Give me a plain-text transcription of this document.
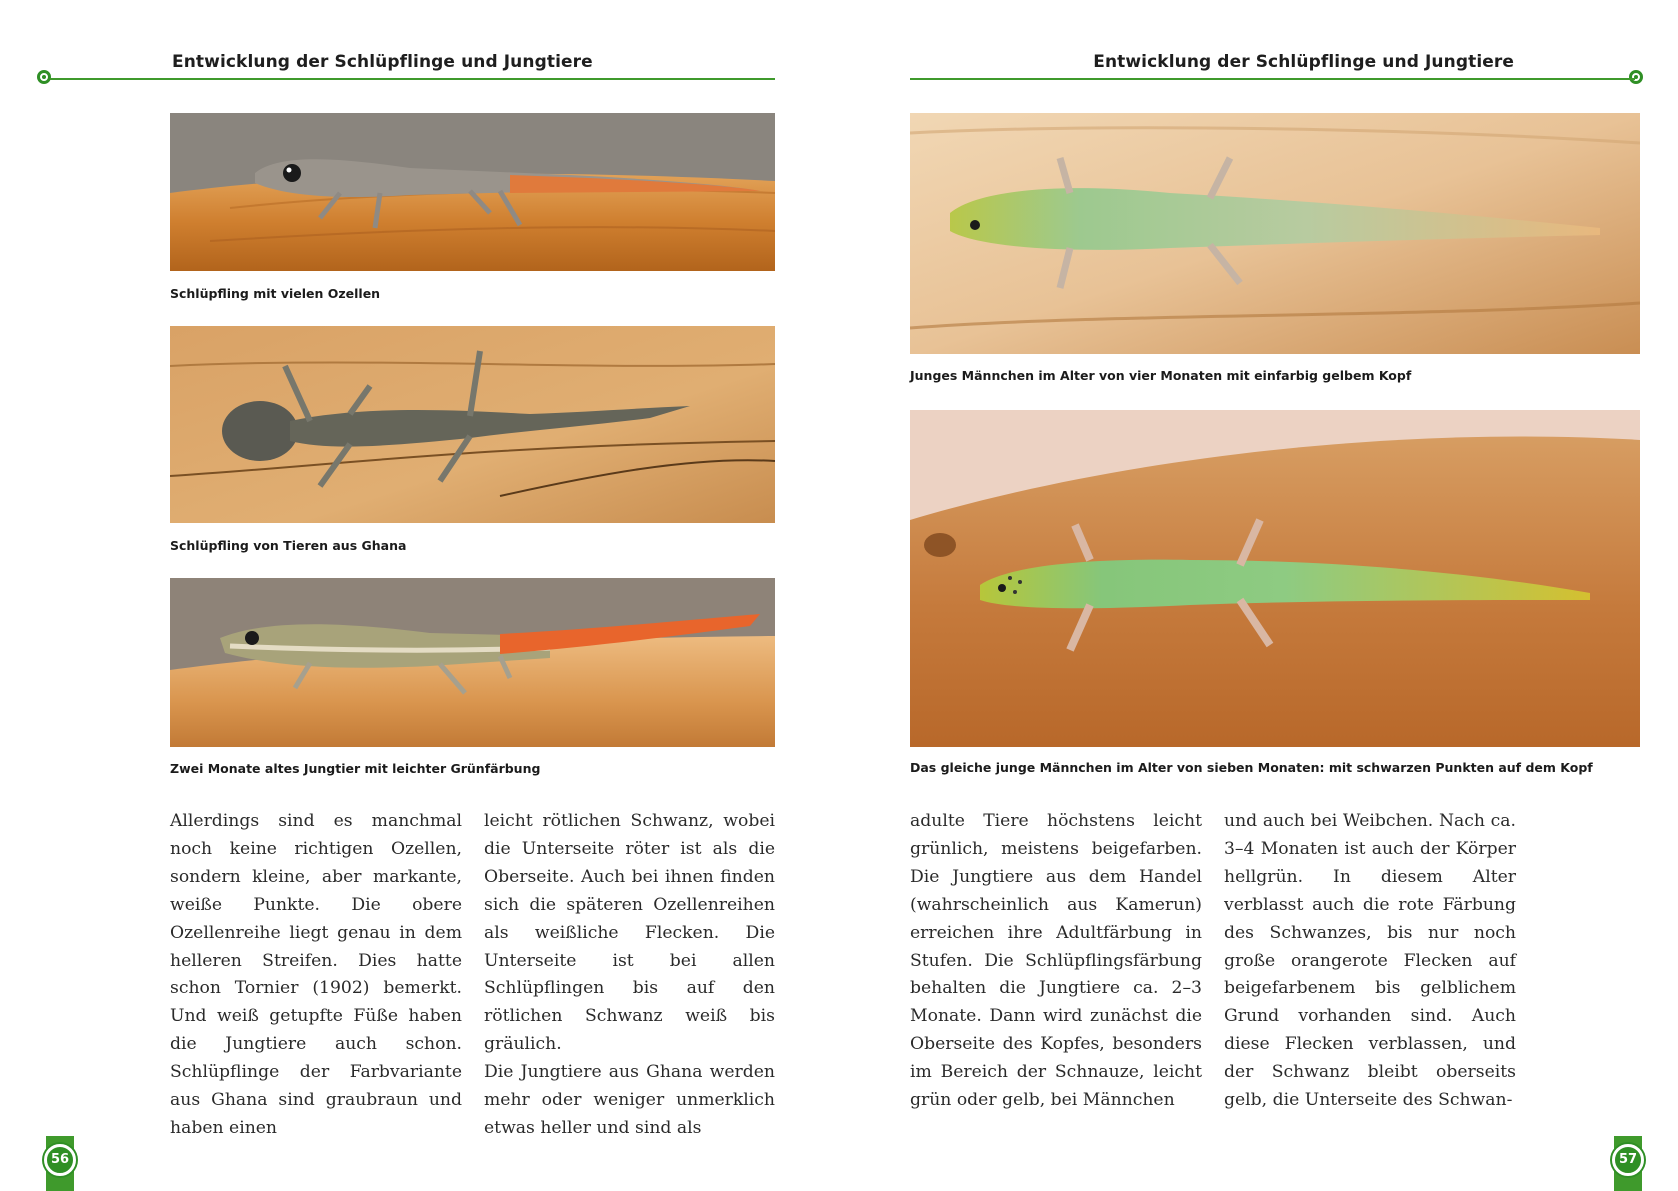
Entwicklung der Schlüpflinge und Jungtiere
Schlüpfling mit vielen Ozellen
Schlüpfling von Tieren aus Ghana
Zwei Monate altes Jungtier mit leichter Grünfärbung

Allerdings sind es manchmal noch keine richtigen Ozellen, sondern kleine, aber markante, weiße Punkte. Die obere Ozellenreihe liegt genau in dem helleren Streifen. Dies hatte schon Tornier (1902) bemerkt. Und weiß getupfte Füße haben die Jungtiere auch schon. Schlüpflinge der Farbvariante aus Ghana sind graubraun und haben einen

leicht rötlichen Schwanz, wobei die Unterseite röter ist als die Oberseite. Auch bei ihnen finden sich die späteren Ozellenreihen als weißliche Flecken. Die Unterseite ist bei allen Schlüpflingen bis auf den rötlichen Schwanz weiß bis gräulich.

Die Jungtiere aus Ghana werden mehr oder weniger unmerklich etwas heller und sind als

56
Entwicklung der Schlüpflinge und Jungtiere
Junges Männchen im Alter von vier Monaten mit einfarbig gelbem Kopf
Das gleiche junge Männchen im Alter von sieben Monaten: mit schwarzen Punkten auf dem Kopf

adulte Tiere höchstens leicht grünlich, meistens beigefarben. Die Jungtiere aus dem Handel (wahrscheinlich aus Kamerun) erreichen ihre Adultfärbung in Stufen. Die Schlüpflingsfärbung behalten die Jungtiere ca. 2–3 Monate. Dann wird zunächst die Oberseite des Kopfes, besonders im Bereich der Schnauze, leicht grün oder gelb, bei Männchen

und auch bei Weibchen. Nach ca. 3–4 Monaten ist auch der Körper hellgrün. In diesem Alter verblasst auch die rote Färbung des Schwanzes, bis nur noch große orangerote Flecken auf beigefarbenem bis gelblichem Grund vorhanden sind. Auch diese Flecken verblassen, und der Schwanz bleibt oberseits gelb, die Unterseite des Schwan-

57
